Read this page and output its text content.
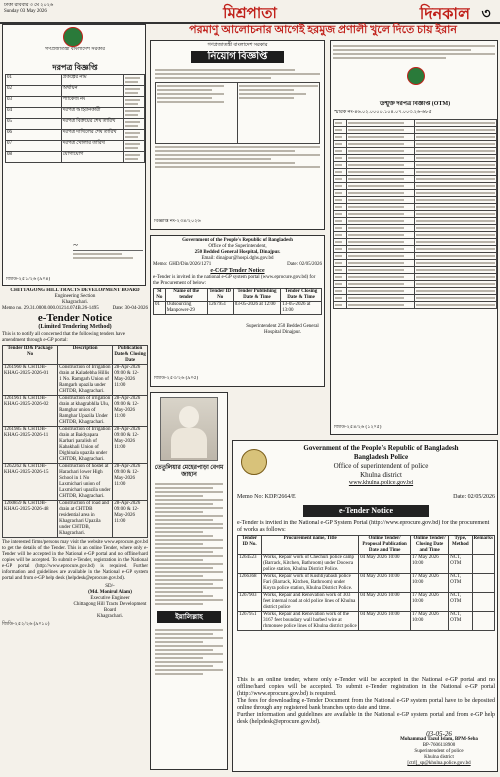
ঢাকা রবিবার ৩ মে ২০২৬
Sunday 03 May 2026	মিশ্রপাতা	দিনকাল ৩
পরমাণু আলোচনার আগেই হরমুজ প্রণালী খুলে দিতে চায় ইরান
গণপ্রজাতন্ত্রী বাংলাদেশ সরকার
দরপত্র বিজ্ঞপ্তি
01	প্রকল্পের নাম	

02	অর্থায়ন	

03	প্যাকেজ নং	

04	দরপত্র আহ্বানকারী	

05	দরপত্র বিক্রয়ের শেষ তারিখ	

06	দরপত্র দাখিলের শেষ তারিখ	

07	দরপত্র খোলার তারিখ	

08	যোগাযোগ	
~
জিডি-২৫১/২৬ (৯×৪)
CHITTAGONG HILL TRACTS DEVELOPMENT BOARD
Engineering Section
Khagrachari.
Memo no. 29.31.0000.000.01214.074B.26-1495	Date: 30-04-2026
e-Tender Notice
(Limited Tendering Method)
This is to notify all concerned that the following tenders have amendment through e-GP portal:
Tender ID& Package No	Description	Publication Date& Closing Date
1261960 & CHTDB-KHAG-2025-2026-01	Construction of Irrigation drain at Kaladebha Hillis 1 No. Ramgarh Union of Ramgarh upazila under CHTDB, Khagrachari.	28-Apr-2026 09:00 & 12-May-2026 11:00
1261961 & CHTDB-KHAG-2025-2026-02	Construction of irrigation drain at khagrabhlla Ulu, Ramghar union of Ramghar Upazila Under CHTDB, Khagrachari.	28-Apr-2026 09:00 & 12-May-2026 11:00
1261985 & CHTDB-KHAG-2025-2026-11	Construction of Irrigation drain at Baidyapara Karbari paralish of Kabakhali Union of Dighinala upazila under CHTDB, Khagrachari.	28-Apr-2026 09:00 & 12-May-2026 11:00
1262262 & CHTDB-KHAG-2025-2026-15	Construction of hostel at Harachari lower High School in 1 No Laxmichari union of Laxmichari upazila under CHTDB, Khagrachari.	28-Apr-2026 09:00 & 12-May-2026 11:00
1260859 & CHTDB-KHAG-2025-2026-48	Construction of road and drain at CHTDB residential area in Khagrachari Upazila under CHTDB, Khagrachari.	28-Apr-2026 09:00 & 12-May-2026 11:00
The interested firms/persons may visit the website www.eprocure.gov.bd to get the details of the Tender. This is an online Tender, where only e-Tender will be accepted in the National e-GP portal and no offline/hard copies will be accepted. To submit e-Tender, registration in the National e-GP portal (http://www.eprocure.gov.bd) is required. Further information and guidelines are available in the National e-GP system portal and from e-GP help desk (helpdesk@eprocure.gov.bd).
SD/-
(Md. Monirul Alam)
Executive Engineer
Chittagong Hill Tracts Development Board
Khagrachari.
জিডি-২৫২/২৬ (৯×১০)
গণপ্রজাতন্ত্রী বাংলাদেশ সরকার
নিয়োগ বিজ্ঞপ্তি

বিজ্ঞপ্তি নং-২৩৪/২০২৬
Government of the People's Republic of Bangladesh
Office of the Superintendent,
250 Bedded General Hospital, Dinajpur.
Email: dinajpur@hospi.dghs.gov.bd
Memo: GHD/Din/2026/1271	Date: 02/05/2026
e-CGP Tender Notice
e-Tender is invited in the national e-GP system portal (www.eprocure.gov.bd) for the Procurement of below:
Sl No	Name of the tender	Tender ID No	Tender Publishing Date & Time	Tender Closing Date & Time
01	Outsourcing Manpower-29	1267951	03-05-2026 at 12:00	13-05-2026 at 13:00
Superintendent 250 Bedded General Hospital Dinajpur.
জিডি-২৫৩/২৬ (৯×৫)
তেতুলিয়ার মেহেরপাড়া বেগম জাহান
ইন্নালিল্লাহ
উন্মুক্ত দরপত্র বিজ্ঞপ্তি (OTM)
স্মারক নং-৪৬.০২.০০০০.১০৪.০৭.০০৩.২৬-৬৮৫

জিডি-২৫৪/২৬ (১২×৫)
Government of the People's Republic of Bangladesh
Bangladesh Police
Office of superintendent of police
Khulna district
www.khulna.police.gov.bd
Memo No: KDP/2664/E	Date: 02/05/2026
e-Tender Notice
e-Tender is invited in the National e-GP System Portal (http://www.eprocure.gov.bd) for the procurement of works as follows:
Tender ID No.	Procurement name, Title	Online Tender/ Proposal Publication Date and Time	Online Tender/ Closing Date and Time	Type, Method	Remarks
1264523	Works, Repair work of Chechuri police camp (Barrack, Kitchen, Bathroom) under Doowra police station, Khulna District Police.	04 May 2026 10:00	17 May 2026 10:00	NCT, OTM	
1266368	Works, Repair work of Kushtiyabash police Fari (Barrack, Kitchen, Bathroom) under Koyra police station, Khulna District Police.	04 May 2026 10:00	17 May 2026 10:00	NCT, OTM	
1267903	Works, Repair and Renovation work of 303 feet internal road at old police lines of Khulna district police	04 May 2026 10:00	17 May 2026 10:00	NCT, OTM	
1267951	Works, Repair and Renovation work of the 3167 feet boundary wall barbed wire at rhmonsee police lines of Khulna district police	04 May 2026 10:00	17 May 2026 10:00	NCT, OTM	
This is an online tender, where only e-Tender will be accepted in the National e-GP portal and no offline/hard copies will be accepted. To submit e-Tender registration in the National e-GP portal (http://www.eprocure.gov.bd) is required.
The fees for downloading e-Tender Document from the National e-GP system portal have to be deposited online through any registered bank branches upto date and time.
Further information and guidelines are available in the National e-GP system portal and from e-GP help desk (helpdesk@eprocure.gov.bd).
03-05-26
Mohammad Tazul Islam, BPM-Seba
BP-7606118900
Superintendent of police
Khulna district
[ctrl]_sp@khulna.police.gov.bd
